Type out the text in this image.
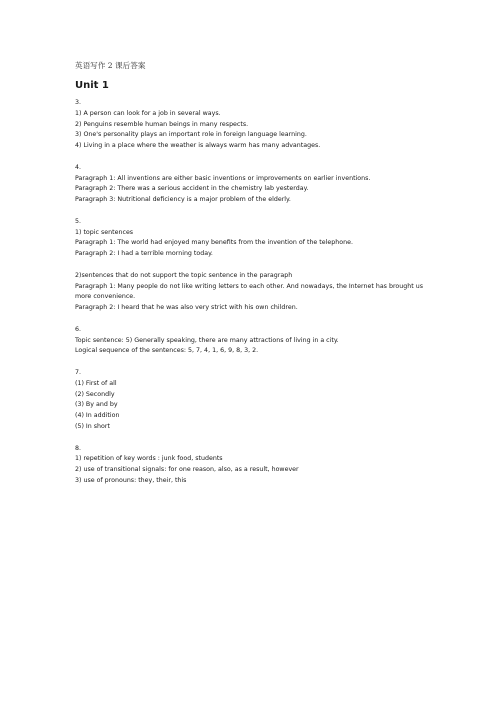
英语写作 2 课后答案
Unit 1
3.
1) A person can look for a job in several ways.
2) Penguins resemble human beings in many respects.
3) One's personality plays an important role in foreign language learning.
4) Living in a place where the weather is always warm has many advantages.
4.
Paragraph 1: All inventions are either basic inventions or improvements on earlier inventions.
Paragraph 2: There was a serious accident in the chemistry lab yesterday.
Paragraph 3: Nutritional deficiency is a major problem of the elderly.
5.
1) topic sentences
Paragraph 1: The world had enjoyed many benefits from the invention of the telephone.
Paragraph 2: I had a terrible morning today.
2)sentences that do not support the topic sentence in the paragraph
Paragraph 1: Many people do not like writing letters to each other. And nowadays, the Internet has brought us more convenience.
Paragraph 2: I heard that he was also very strict with his own children.
6.
Topic sentence: 5) Generally speaking, there are many attractions of living in a city.
Logical sequence of the sentences: 5, 7, 4, 1, 6, 9, 8, 3, 2.
7.
(1) First of all
(2) Secondly
(3) By and by
(4) In addition
(5) In short
8.
1) repetition of key words : junk food, students
2) use of transitional signals: for one reason, also, as a result, however
3) use of pronouns: they, their, this
